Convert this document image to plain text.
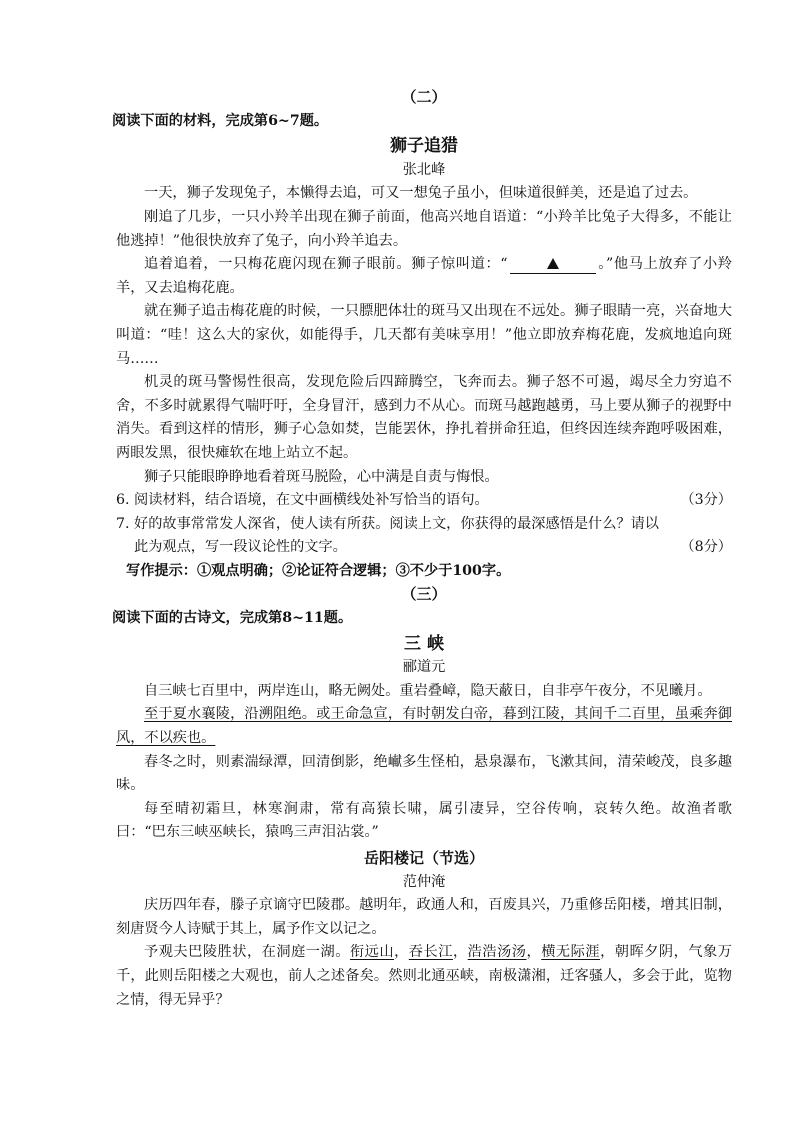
（二）

阅读下面的材料，完成第6~7题。

狮子追猎

张北峰

一天，狮子发现兔子，本懒得去追，可又一想兔子虽小，但味道很鲜美，还是追了过去。

刚追了几步，一只小羚羊出现在狮子前面，他高兴地自语道：“小羚羊比兔子大得多，不能让他逃掉！”他很快放弃了兔子，向小羚羊追去。

追着追着，一只梅花鹿闪现在狮子眼前。狮子惊叫道：“	。”他马上放弃了小羚羊，又去追梅花鹿。

就在狮子追击梅花鹿的时候，一只膘肥体壮的斑马又出现在不远处。狮子眼睛一亮，兴奋地大叫道：“哇！这么大的家伙，如能得手，几天都有美味享用！”他立即放弃梅花鹿，发疯地追向斑马……

机灵的斑马警惕性很高，发现危险后四蹄腾空，飞奔而去。狮子怒不可遏，竭尽全力穷追不舍，不多时就累得气喘吁吁，全身冒汗，感到力不从心。而斑马越跑越勇，马上要从狮子的视野中消失。看到这样的情形，狮子心急如焚，岂能罢休，挣扎着拼命狂追，但终因连续奔跑呼吸困难，两眼发黑，很快瘫软在地上站立不起。

狮子只能眼睁睁地看着斑马脱险，心中满是自责与悔恨。

6. 阅读材料，结合语境，在文中画横线处补写恰当的语句。	（3分）

7. 好的故事常常发人深省，使人读有所获。阅读上文，你获得的最深感悟是什么？请以

此为观点，写一段议论性的文字。	（8分）

写作提示：①观点明确；②论证符合逻辑；③不少于100字。

（三）

阅读下面的古诗文，完成第8~11题。

三 峡

郦道元

自三峡七百里中，两岸连山，略无阙处。重岩叠嶂，隐天蔽日，自非亭午夜分，不见曦月。

至于夏水襄陵，沿溯阻绝。或王命急宣，有时朝发白帝，暮到江陵，其间千二百里，虽乘奔御风，不以疾也。

春冬之时，则素湍绿潭，回清倒影，绝𪩘多生怪柏，悬泉瀑布，飞漱其间，清荣峻茂，良多趣味。

每至晴初霜旦，林寒涧肃，常有高猿长啸，属引凄异，空谷传响，哀转久绝。故渔者歌曰：“巴东三峡巫峡长，猿鸣三声泪沾裳。”

岳阳楼记（节选）

范仲淹

庆历四年春，滕子京谪守巴陵郡。越明年，政通人和，百废具兴，乃重修岳阳楼，增其旧制，刻唐贤今人诗赋于其上，属予作文以记之。

予观夫巴陵胜状，在洞庭一湖。衔远山，吞长江，浩浩汤汤，横无际涯，朝晖夕阴，气象万千，此则岳阳楼之大观也，前人之述备矣。然则北通巫峡，南极潇湘，迁客骚人，多会于此，览物之情，得无异乎？
